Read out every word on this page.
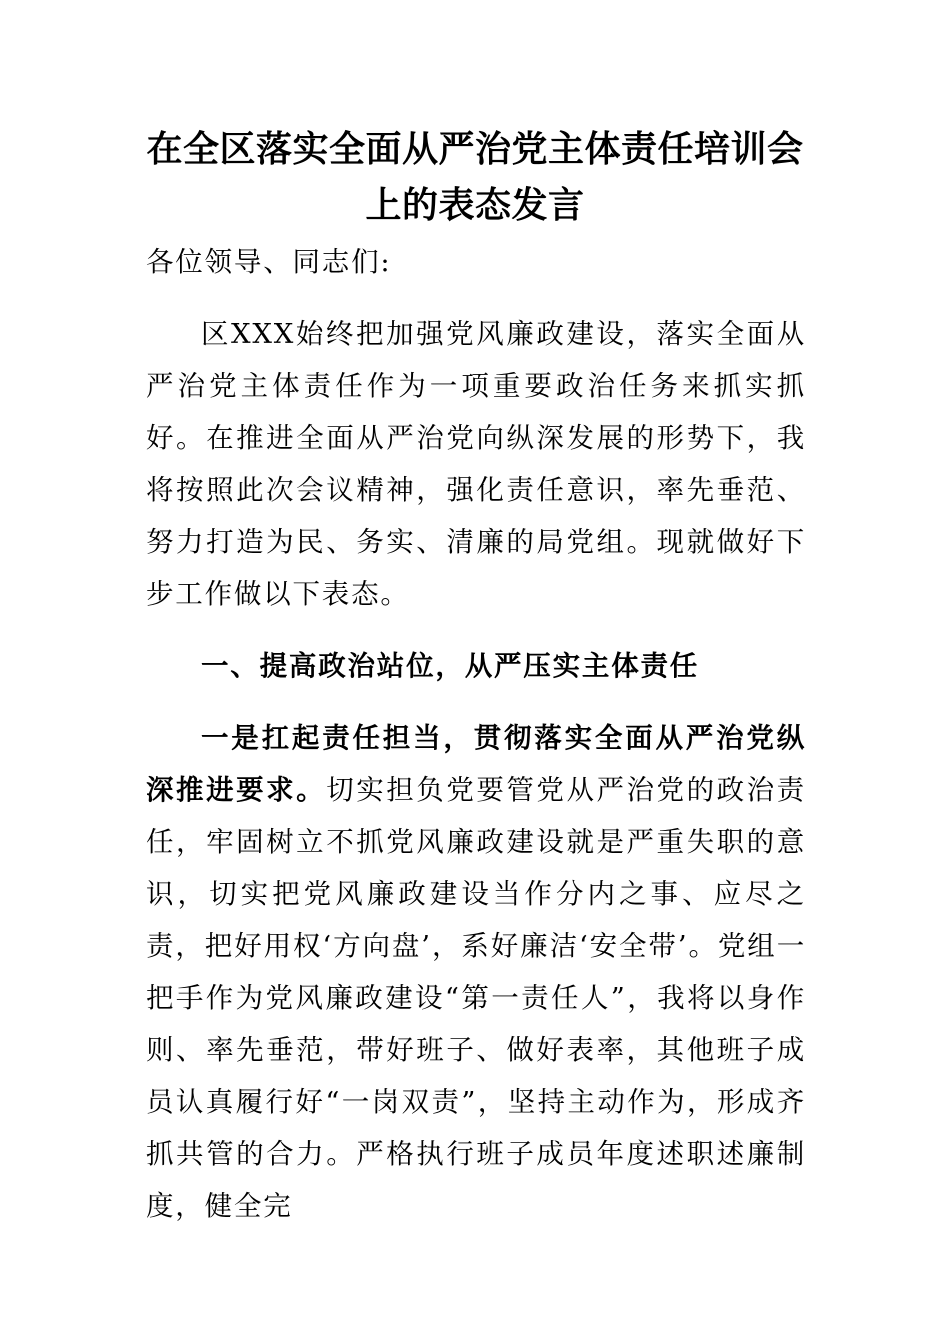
在全区落实全面从严治党主体责任培训会
上的表态发言

各位领导、同志们:

区XXX始终把加强党风廉政建设，落实全面从严治党主体责任作为一项重要政治任务来抓实抓好。在推进全面从严治党向纵深发展的形势下，我将按照此次会议精神，强化责任意识，率先垂范、努力打造为民、务实、清廉的局党组。现就做好下步工作做以下表态。

一、提高政治站位，从严压实主体责任

一是扛起责任担当，贯彻落实全面从严治党纵深推进要求。切实担负党要管党从严治党的政治责任，牢固树立不抓党风廉政建设就是严重失职的意识，切实把党风廉政建设当作分内之事、应尽之责，把好用权‘方向盘’，系好廉洁‘安全带’。党组一把手作为党风廉政建设“第一责任人”，我将以身作则、率先垂范，带好班子、做好表率，其他班子成员认真履行好“一岗双责”，坚持主动作为，形成齐抓共管的合力。严格执行班子成员年度述职述廉制度，健全完
